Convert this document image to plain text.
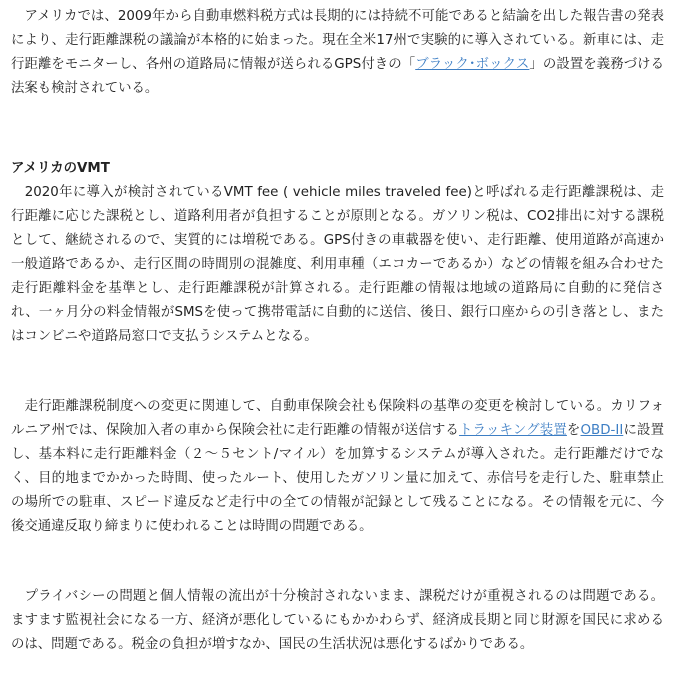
　アメリカでは、2009年から自動車燃料税方式は長期的には持続不可能であると結論を出した報告書の発表により、走行距離課税の議論が本格的に始まった。現在全米17州で実験的に導入されている。新車には、走行距離をモニターし、各州の道路局に情報が送られるGPS付きの「ブラック･ボックス」の設置を義務づける法案も検討されている。

アメリカのVMT

　2020年に導入が検討されているVMT fee ( vehicle miles traveled fee)と呼ばれる走行距離課税は、走行距離に応じた課税とし、道路利用者が負担することが原則となる。ガソリン税は、CO2排出に対する課税として、継続されるので、実質的には増税である。GPS付きの車載器を使い、走行距離、使用道路が高速か一般道路であるか、走行区間の時間別の混雑度、利用車種（エコカーであるか）などの情報を組み合わせた走行距離料金を基準とし、走行距離課税が計算される。走行距離の情報は地域の道路局に自動的に発信され、一ヶ月分の料金情報がSMSを使って携帯電話に自動的に送信、後日、銀行口座からの引き落とし、またはコンビニや道路局窓口で支払うシステムとなる。

　走行距離課税制度への変更に関連して、自動車保険会社も保険料の基準の変更を検討している。カリフォルニア州では、保険加入者の車から保険会社に走行距離の情報が送信するトラッキング装置をOBD-IIに設置し、基本料に走行距離料金（２～５セント/マイル）を加算するシステムが導入された。走行距離だけでなく、目的地までかかった時間、使ったルート、使用したガソリン量に加えて、赤信号を走行した、駐車禁止の場所での駐車、スピード違反など走行中の全ての情報が記録として残ることになる。その情報を元に、今後交通違反取り締まりに使われることは時間の問題である。

　プライバシーの問題と個人情報の流出が十分検討されないまま、課税だけが重視されるのは問題である。ますます監視社会になる一方、経済が悪化しているにもかかわらず、経済成長期と同じ財源を国民に求めるのは、問題である。税金の負担が増すなか、国民の生活状況は悪化するばかりである。
